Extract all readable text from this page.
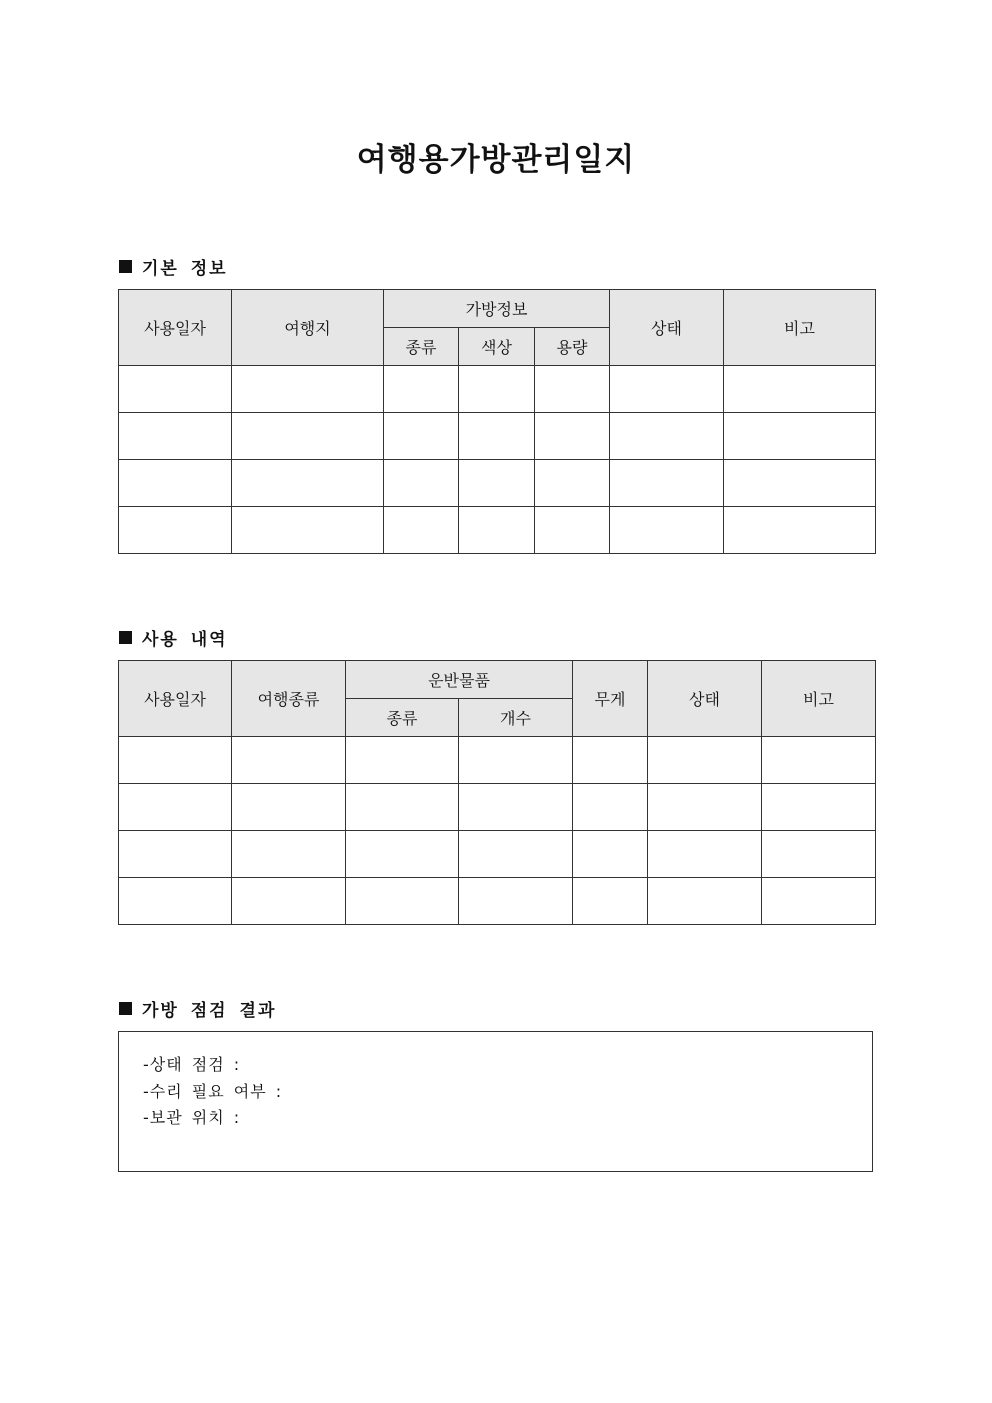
여행용가방관리일지
기본 정보
사용일자	여행지	가방정보			상태	비고
		종류	색상	용량		

사용 내역
사용일자	여행종류	운반물품		무게	상태	비고
		종류	개수			

가방 점검 결과
-상태 점검 :
-수리 필요 여부 :
-보관 위치 :
